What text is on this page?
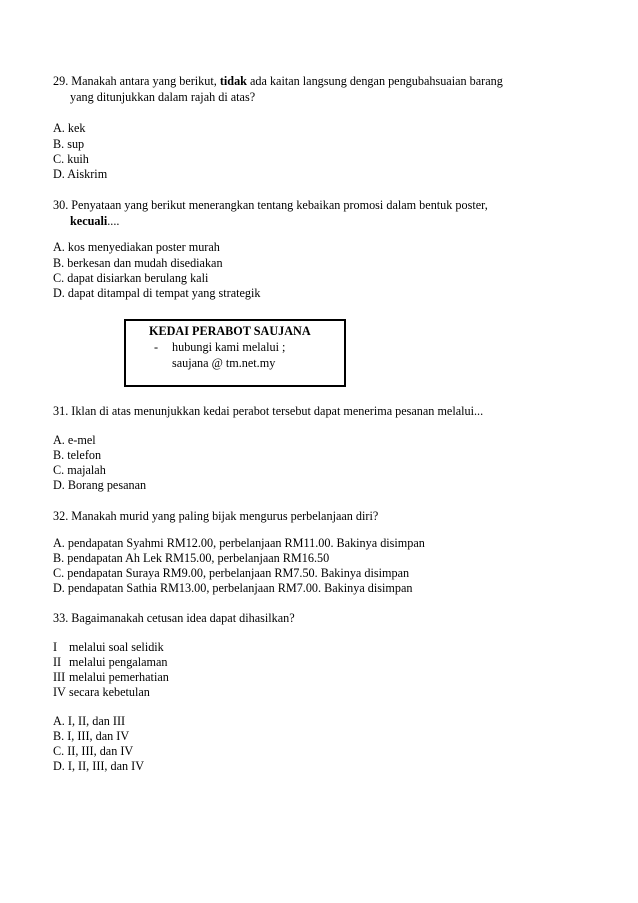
29. Manakah antara yang berikut, tidak ada kaitan langsung dengan pengubahsuaian barang
yang ditunjukkan dalam rajah di atas?
A. kek
B. sup
C. kuih
D. Aiskrim
30. Penyataan yang berikut menerangkan tentang kebaikan promosi dalam bentuk poster,
kecuali....
A. kos menyediakan poster murah
B. berkesan dan mudah disediakan
C. dapat disiarkan berulang kali
D. dapat ditampal di tempat yang strategik
KEDAI PERABOT SAUJANA
- hubungi kami melalui ;
saujana @ tm.net.my
31. Iklan di atas menunjukkan kedai perabot tersebut dapat menerima pesanan melalui...
A. e-mel
B. telefon
C. majalah
D. Borang pesanan
32. Manakah murid yang paling bijak mengurus perbelanjaan diri?
A. pendapatan Syahmi RM12.00, perbelanjaan RM11.00. Bakinya disimpan
B. pendapatan Ah Lek RM15.00, perbelanjaan RM16.50
C. pendapatan Suraya RM9.00, perbelanjaan RM7.50. Bakinya disimpan
D. pendapatan Sathia RM13.00, perbelanjaan RM7.00. Bakinya disimpan
33. Bagaimanakah cetusan idea dapat dihasilkan?
I melalui soal selidik
II melalui pengalaman
III melalui pemerhatian
IV secara kebetulan
A. I, II, dan III
B. I, III, dan IV
C. II, III, dan IV
D. I, II, III, dan IV
